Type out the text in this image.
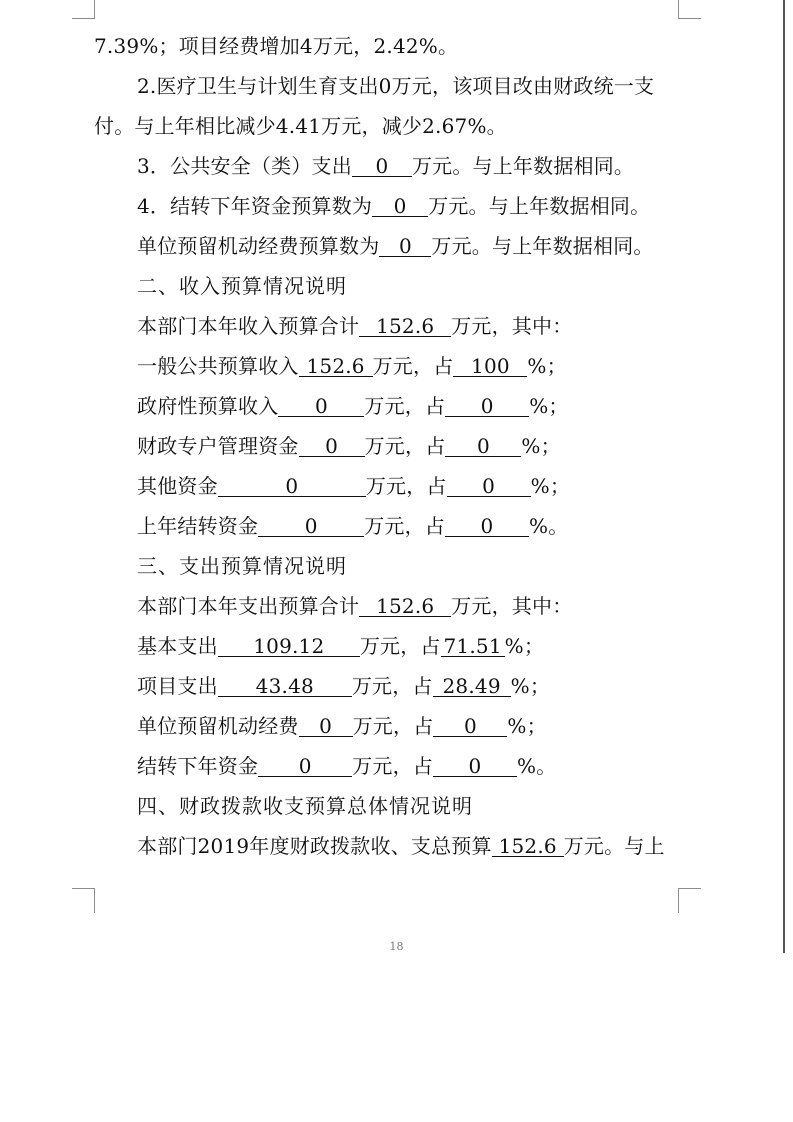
7.39%；项目经费增加4万元，2.42%。
2.医疗卫生与计划生育支出0万元，该项目改由财政统一支
付。与上年相比减少4.41万元，减少2.67%。
3．公共安全（类）支出 0 万元。与上年数据相同。
4．结转下年资金预算数为 0 万元。与上年数据相同。
单位预留机动经费预算数为 0 万元。与上年数据相同。
二、收入预算情况说明
本部门本年收入预算合计 152.6 万元，其中：
一般公共预算收入 152.6 万元，占 100 %；
政府性预算收入 0 万元，占 0 %；
财政专户管理资金 0 万元，占 0 %；
其他资金	0	万元，占 0 %；
上年结转资金 0 万元，占 0 %。
三、支出预算情况说明
本部门本年支出预算合计 152.6 万元，其中：
基本支出 109.12 万元，占 71.51 %；
项目支出 43.48 万元，占 28.49 %；
单位预留机动经费 0 万元，占 0 %；
结转下年资金 0 万元，占 0 %。
四、财政拨款收支预算总体情况说明
本部门2019年度财政拨款收、支总预算 152.6 万元。与上
18
